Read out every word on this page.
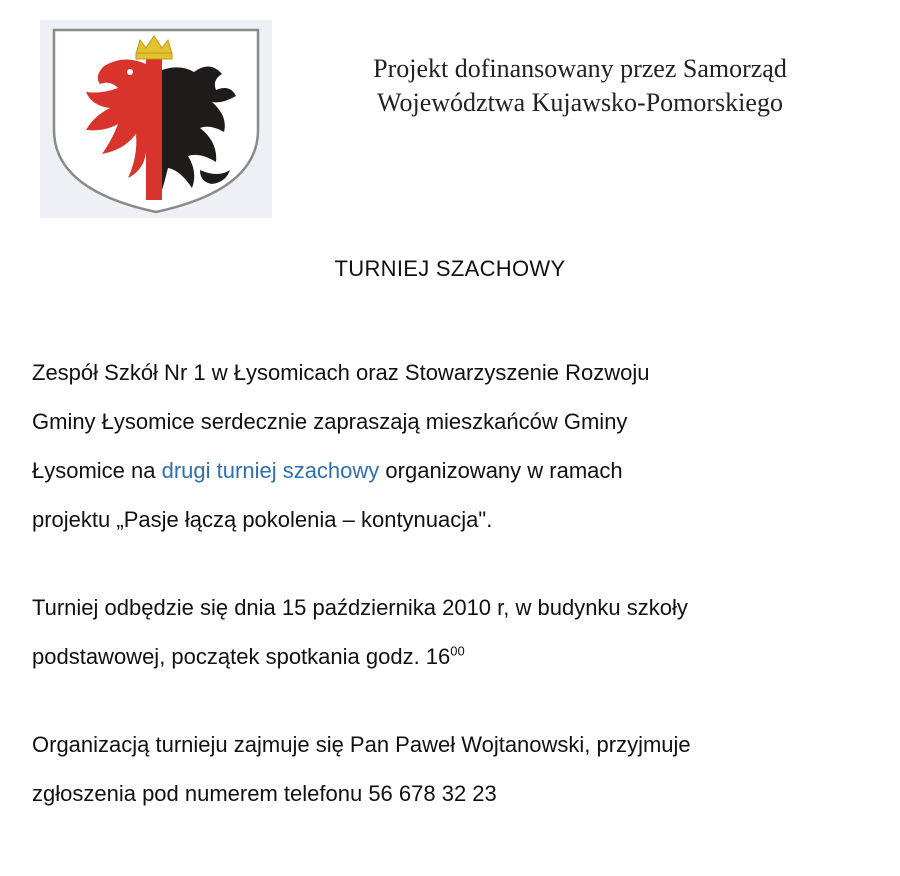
Projekt dofinansowany przez Samorząd
Województwa Kujawsko-Pomorskiego
TURNIEJ SZACHOWY

Zespół Szkół Nr 1 w Łysomicach oraz Stowarzyszenie Rozwoju
Gminy Łysomice serdecznie zapraszają mieszkańców Gminy
Łysomice na drugi turniej szachowy organizowany w ramach
projektu „Pasje łączą pokolenia – kontynuacja".

Turniej odbędzie się dnia 15 października 2010 r, w budynku szkoły
podstawowej, początek spotkania godz. $16^{00}$

Organizacją turnieju zajmuje się Pan Paweł Wojtanowski, przyjmuje
zgłoszenia pod numerem telefonu 56 678 32 23
